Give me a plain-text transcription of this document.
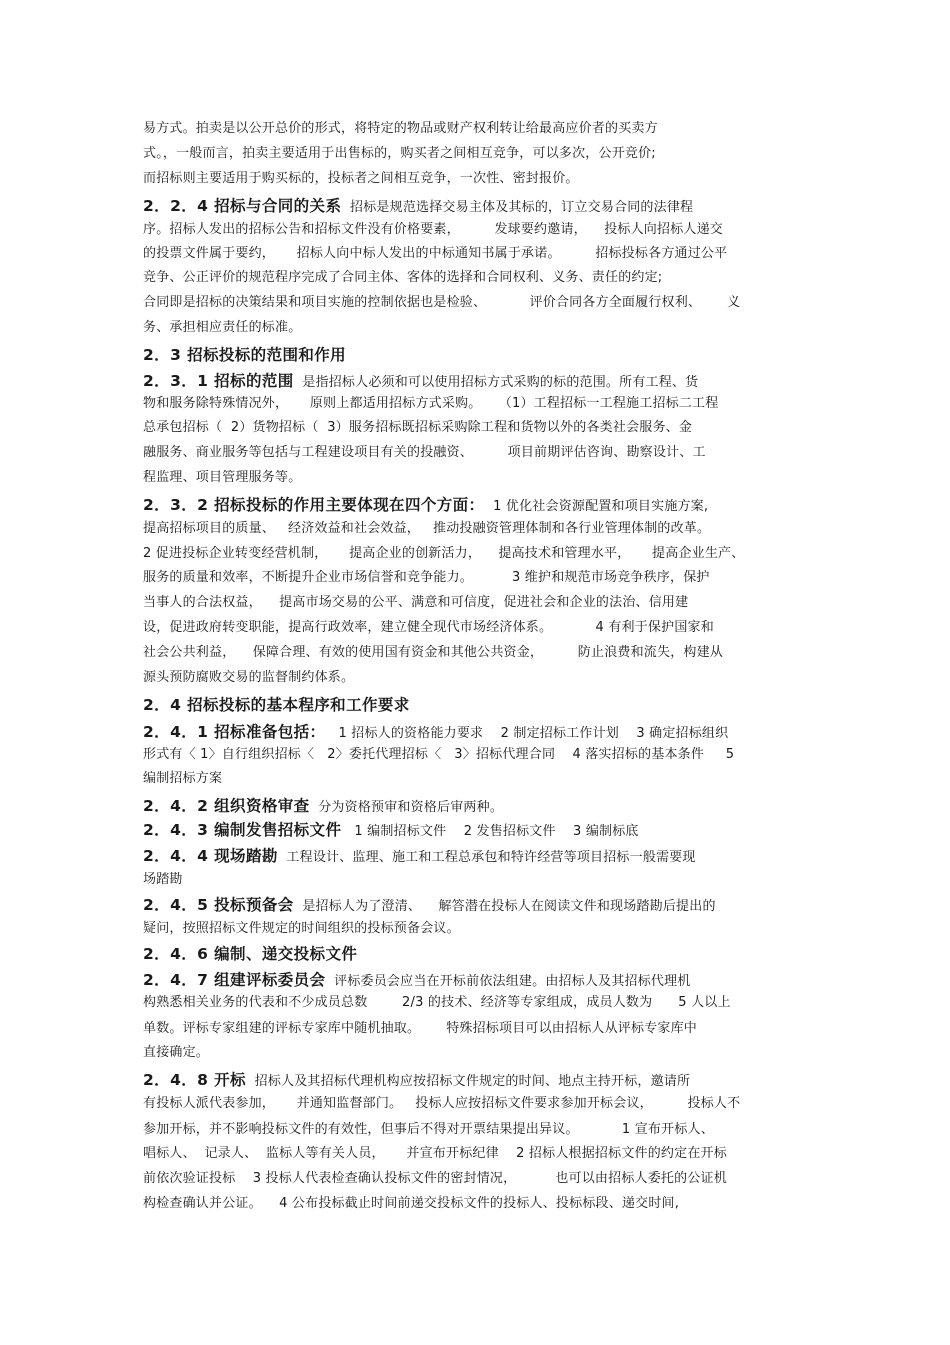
易方式。拍卖是以公开总价的形式，将特定的物品或财产权利转让给最高应价者的买卖方
式。，一般而言，拍卖主要适用于出售标的，购买者之间相互竞争，可以多次，公开竞价;
而招标则主要适用于购买标的，投标者之间相互竞争，一次性、密封报价。
2．2．4 招标与合同的关系  招标是规范选择交易主体及其标的，订立交易合同的法律程
序。招标人发出的招标公告和招标文件没有价格要素，        发球要约邀请，    投标人向招标人递交
的投票文件属于要约，     招标人向中标人发出的中标通知书属于承诺。        招标投标各方通过公平
竞争、公正评价的规范程序完成了合同主体、客体的选择和合同权利、义务、责任的约定;
合同即是招标的决策结果和项目实施的控制依据也是检验、          评价合同各方全面履行权利、      义
务、承担相应责任的标准。
2．3 招标投标的范围和作用
2．3．1 招标的范围  是指招标人必须和可以使用招标方式采购的标的范围。所有工程、货
物和服务除特殊情况外，     原则上都适用招标方式采购。    （1）工程招标一工程施工招标二工程
总承包招标（  2）货物招标（  3）服务招标既招标采购除工程和货物以外的各类社会服务、金
融服务、商业服务等包括与工程建设项目有关的投融资、        项目前期评估咨询、勘察设计、工
程监理、项目管理服务等。
2．3．2 招标投标的作用主要体现在四个方面：  1 优化社会资源配置和项目实施方案,
提高招标项目的质量、   经济效益和社会效益，   推动投融资管理体制和各行业管理体制的改革。
2 促进投标企业转变经营机制，     提高企业的创新活力，    提高技术和管理水平，     提高企业生产、
服务的质量和效率，不断提升企业市场信誉和竞争能力。         3 维护和规范市场竞争秩序，保护
当事人的合法权益，    提高市场交易的公平、满意和可信度，促进社会和企业的法治、信用建
设，促进政府转变职能，提高行政效率，建立健全现代市场经济体系。          4 有利于保护国家和
社会公共利益，    保障合理、有效的使用国有资金和其他公共资金，        防止浪费和流失，构建从
源头预防腐败交易的监督制约体系。
2．4 招标投标的基本程序和工作要求
2．4．1 招标准备包括：   1 招标人的资格能力要求    2 制定招标工作计划    3 确定招标组织
形式有〈 1〉自行组织招标〈   2〉委托代理招标〈   3〉招标代理合同    4 落实招标的基本条件     5
编制招标方案
2．4．2 组织资格审查  分为资格预审和资格后审两种。
2．4．3 编制发售招标文件   1 编制招标文件    2 发售招标文件    3 编制标底
2．4．4 现场踏勘  工程设计、监理、施工和工程总承包和特许经营等项目招标一般需要现
场踏勘
2．4．5 投标预备会  是招标人为了澄清、    解答潜在投标人在阅读文件和现场踏勘后提出的
疑问，按照招标文件规定的时间组织的投标预备会议。
2．4．6 编制、递交投标文件
2．4．7 组建评标委员会  评标委员会应当在开标前依法组建。由招标人及其招标代理机
构熟悉相关业务的代表和不少成员总数        2/3 的技术、经济等专家组成，成员人数为      5 人以上
单数。评标专家组建的评标专家库中随机抽取。      特殊招标项目可以由招标人从评标专家库中
直接确定。
2．4．8 开标  招标人及其招标代理机构应按招标文件规定的时间、地点主持开标，邀请所
有投标人派代表参加，     并通知监督部门。   投标人应按招标文件要求参加开标会议，        投标人不
参加开标，并不影响投标文件的有效性，但事后不得对开票结果提出异议。          1 宣布开标人、
唱标人、  记录人、  监标人等有关人员，     并宣布开标纪律    2 招标人根据招标文件的约定在开标
前依次验证投标    3 投标人代表检查确认投标文件的密封情况，         也可以由招标人委托的公证机
构检查确认并公证。    4 公布投标截止时间前递交投标文件的投标人、投标标段、递交时间,
